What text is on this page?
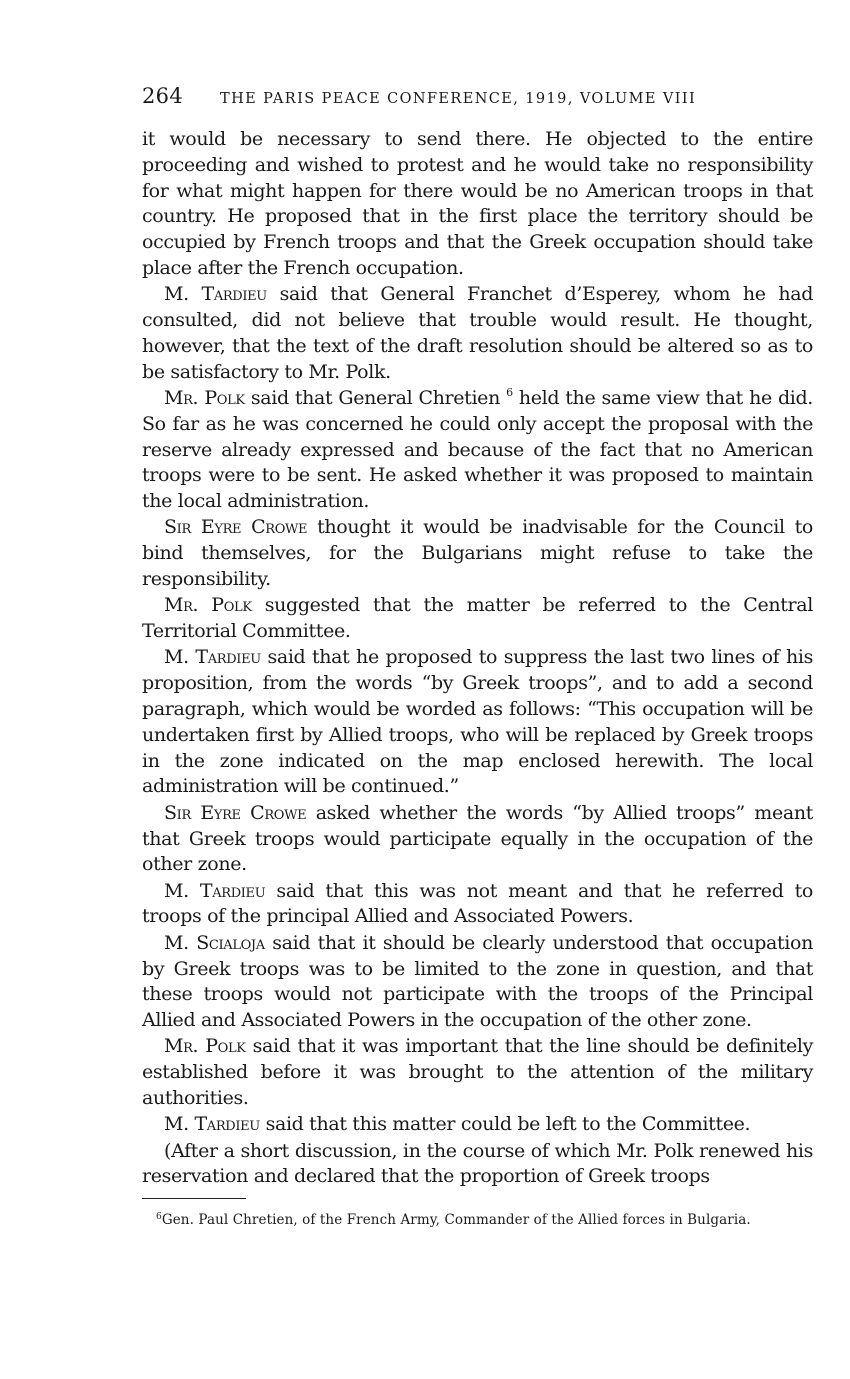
264	THE PARIS PEACE CONFERENCE, 1919, VOLUME VIII

it would be necessary to send there. He objected to the entire proceeding and wished to protest and he would take no responsibility for what might happen for there would be no American troops in that country. He proposed that in the first place the territory should be occupied by French troops and that the Greek occupation should take place after the French occupation.

M. Tardieu said that General Franchet d’Esperey, whom he had consulted, did not believe that trouble would result. He thought, however, that the text of the draft resolution should be altered so as to be satisfactory to Mr. Polk.

Mr. Polk said that General Chretien $^6$ held the same view that he did. So far as he was concerned he could only accept the proposal with the reserve already expressed and because of the fact that no American troops were to be sent. He asked whether it was proposed to maintain the local administration.

Sir Eyre Crowe thought it would be inadvisable for the Council to bind themselves, for the Bulgarians might refuse to take the responsibility.

Mr. Polk suggested that the matter be referred to the Central Territorial Committee.

M. Tardieu said that he proposed to suppress the last two lines of his proposition, from the words “by Greek troops”, and to add a second paragraph, which would be worded as follows: “This occupation will be undertaken first by Allied troops, who will be replaced by Greek troops in the zone indicated on the map enclosed herewith. The local administration will be continued.”

Sir Eyre Crowe asked whether the words “by Allied troops” meant that Greek troops would participate equally in the occupation of the other zone.

M. Tardieu said that this was not meant and that he referred to troops of the principal Allied and Associated Powers.

M. Scialoja said that it should be clearly understood that occupation by Greek troops was to be limited to the zone in question, and that these troops would not participate with the troops of the Principal Allied and Associated Powers in the occupation of the other zone.

Mr. Polk said that it was important that the line should be definitely established before it was brought to the attention of the military authorities.

M. Tardieu said that this matter could be left to the Committee.

(After a short discussion, in the course of which Mr. Polk renewed his reservation and declared that the proportion of Greek troops

$^6$Gen. Paul Chretien, of the French Army, Commander of the Allied forces in Bulgaria.
